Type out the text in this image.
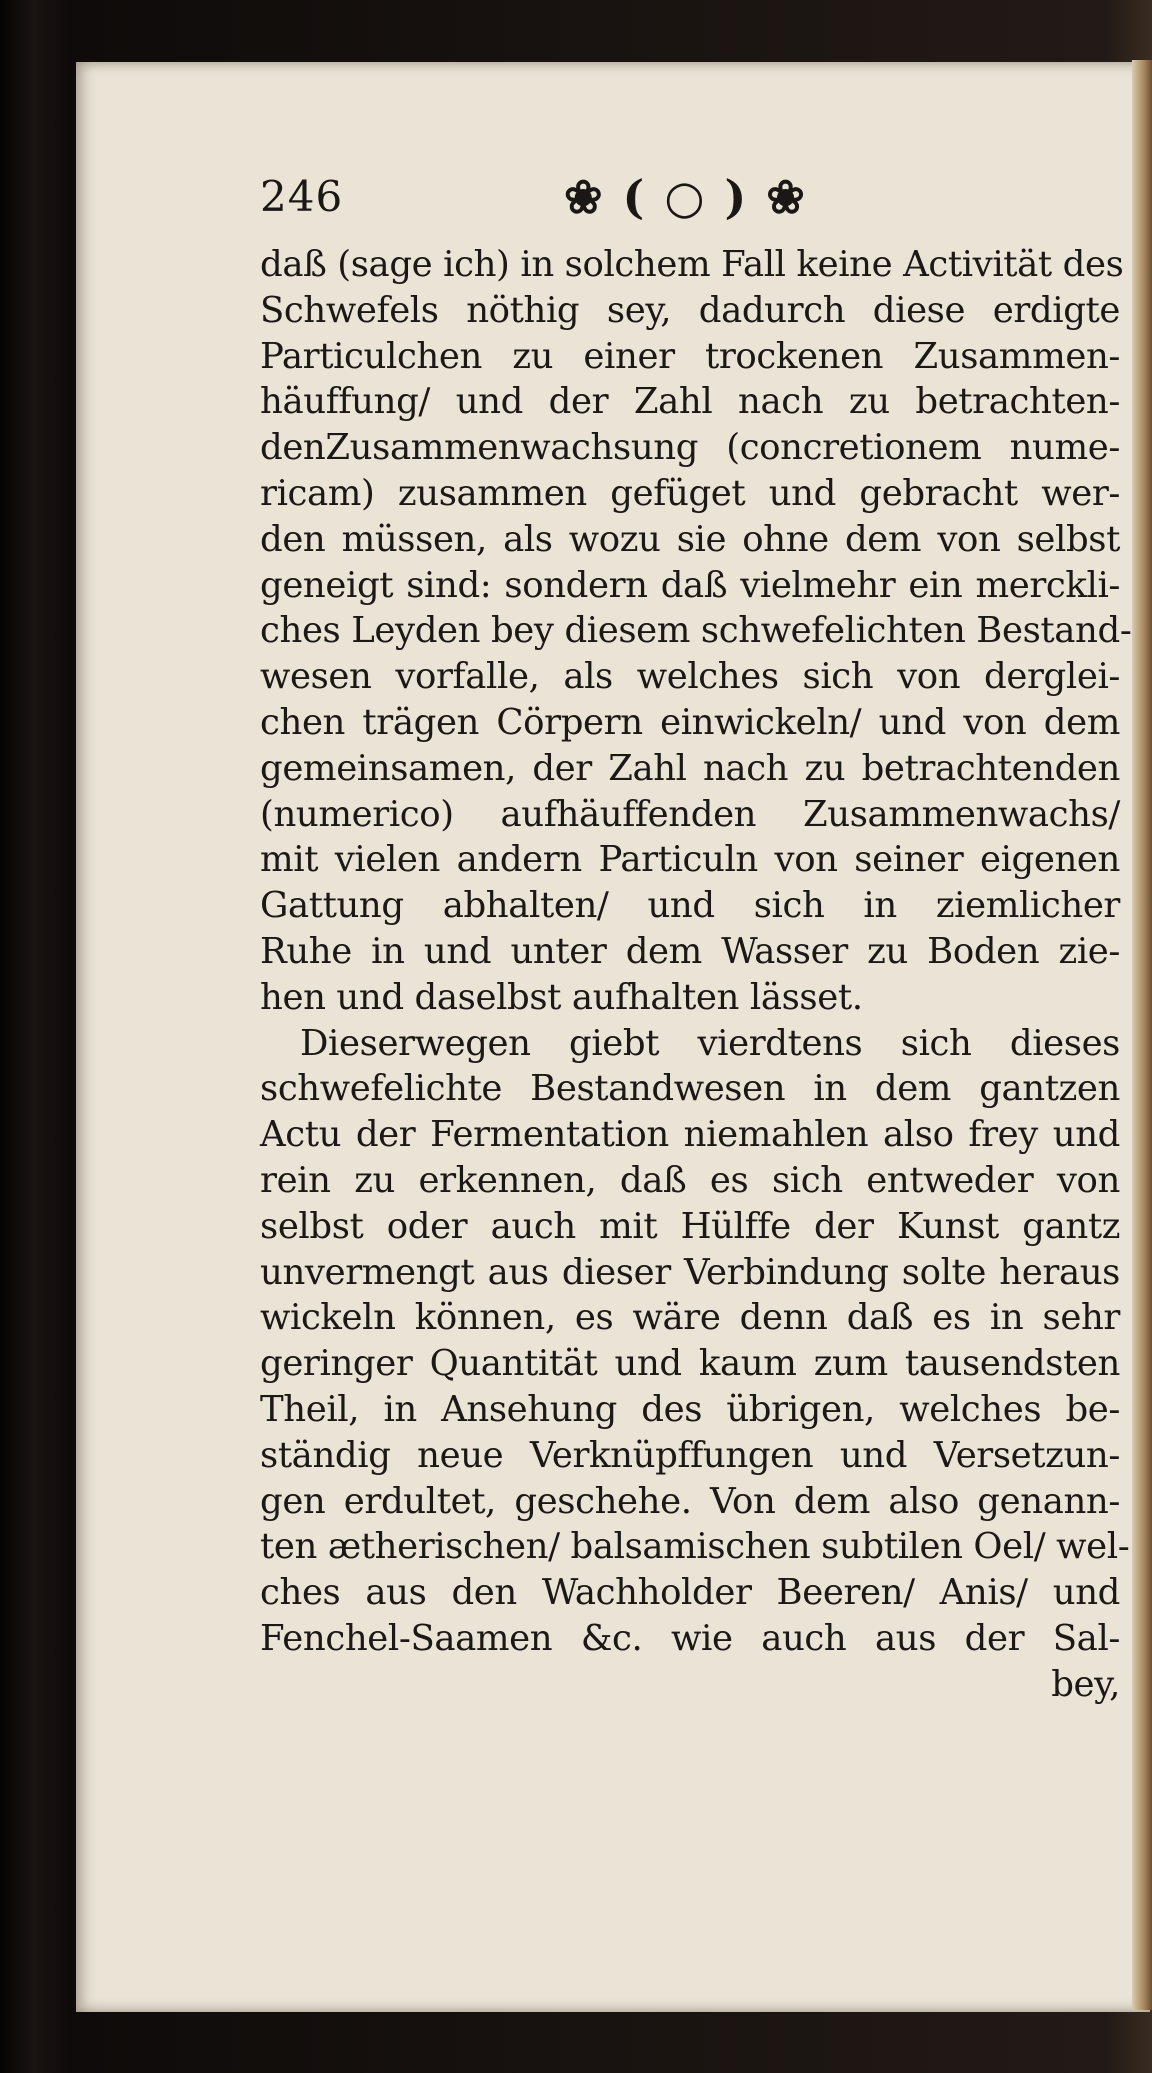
246	❀ ( ○ ) ❀
daß (sage ich) in solchem Fall keine Activität des
Schwefels nöthig sey, dadurch diese erdigte
Particulchen zu einer trockenen Zusammen-
häuffung/ und der Zahl nach zu betrachten-
denZusammenwachsung (concretionem nume-
ricam) zusammen gefüget und gebracht wer-
den müssen, als wozu sie ohne dem von selbst
geneigt sind: sondern daß vielmehr ein merckli-
ches Leyden bey diesem schwefelichten Bestand-
wesen vorfalle, als welches sich von derglei-
chen trägen Cörpern einwickeln/ und von dem
gemeinsamen, der Zahl nach zu betrachtenden
(numerico) aufhäuffenden Zusammenwachs/
mit vielen andern Particuln von seiner eigenen
Gattung abhalten/ und sich in ziemlicher
Ruhe in und unter dem Wasser zu Boden zie-
hen und daselbst aufhalten lässet.
Dieserwegen giebt vierdtens sich dieses
schwefelichte Bestandwesen in dem gantzen
Actu der Fermentation niemahlen also frey und
rein zu erkennen, daß es sich entweder von
selbst oder auch mit Hülffe der Kunst gantz
unvermengt aus dieser Verbindung solte heraus
wickeln können, es wäre denn daß es in sehr
geringer Quantität und kaum zum tausendsten
Theil, in Ansehung des übrigen, welches be-
ständig neue Verknüpffungen und Versetzun-
gen erdultet, geschehe. Von dem also genann-
ten ætherischen/ balsamischen subtilen Oel/ wel-
ches aus den Wachholder Beeren/ Anis/ und
Fenchel-Saamen &c. wie auch aus der Sal-
bey,
